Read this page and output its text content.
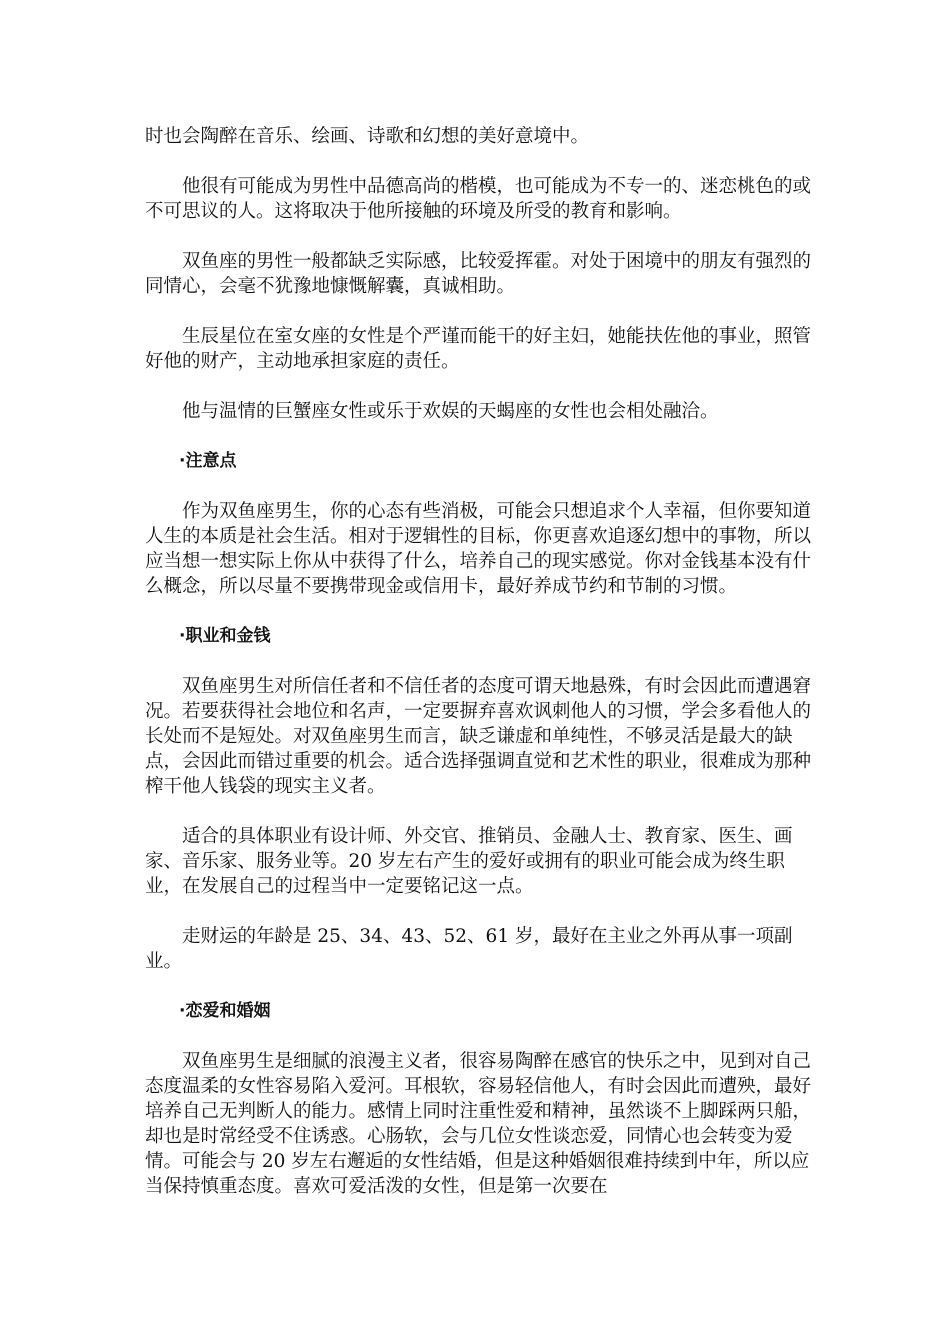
时也会陶醉在音乐、绘画、诗歌和幻想的美好意境中。

他很有可能成为男性中品德高尚的楷模，也可能成为不专一的、迷恋桃色的或不可思议的人。这将取决于他所接触的环境及所受的教育和影响。

双鱼座的男性一般都缺乏实际感，比较爱挥霍。对处于困境中的朋友有强烈的同情心，会毫不犹豫地慷慨解囊，真诚相助。

生辰星位在室女座的女性是个严谨而能干的好主妇，她能扶佐他的事业，照管好他的财产，主动地承担家庭的责任。

他与温情的巨蟹座女性或乐于欢娱的天蝎座的女性也会相处融洽。

·注意点

作为双鱼座男生，你的心态有些消极，可能会只想追求个人幸福，但你要知道人生的本质是社会生活。相对于逻辑性的目标，你更喜欢追逐幻想中的事物，所以应当想一想实际上你从中获得了什么，培养自己的现实感觉。你对金钱基本没有什么概念，所以尽量不要携带现金或信用卡，最好养成节约和节制的习惯。

·职业和金钱

双鱼座男生对所信任者和不信任者的态度可谓天地悬殊，有时会因此而遭遇窘况。若要获得社会地位和名声，一定要摒弃喜欢讽刺他人的习惯，学会多看他人的长处而不是短处。对双鱼座男生而言，缺乏谦虚和单纯性，不够灵活是最大的缺点，会因此而错过重要的机会。适合选择强调直觉和艺术性的职业，很难成为那种榨干他人钱袋的现实主义者。

适合的具体职业有设计师、外交官、推销员、金融人士、教育家、医生、画家、音乐家、服务业等。20 岁左右产生的爱好或拥有的职业可能会成为终生职业，在发展自己的过程当中一定要铭记这一点。

走财运的年龄是 25、34、43、52、61 岁，最好在主业之外再从事一项副业。

·恋爱和婚姻

双鱼座男生是细腻的浪漫主义者，很容易陶醉在感官的快乐之中，见到对自己态度温柔的女性容易陷入爱河。耳根软，容易轻信他人，有时会因此而遭殃，最好培养自己无判断人的能力。感情上同时注重性爱和精神，虽然谈不上脚踩两只船，却也是时常经受不住诱惑。心肠软，会与几位女性谈恋爱，同情心也会转变为爱情。可能会与 20 岁左右邂逅的女性结婚，但是这种婚姻很难持续到中年，所以应当保持慎重态度。喜欢可爱活泼的女性，但是第一次要在
